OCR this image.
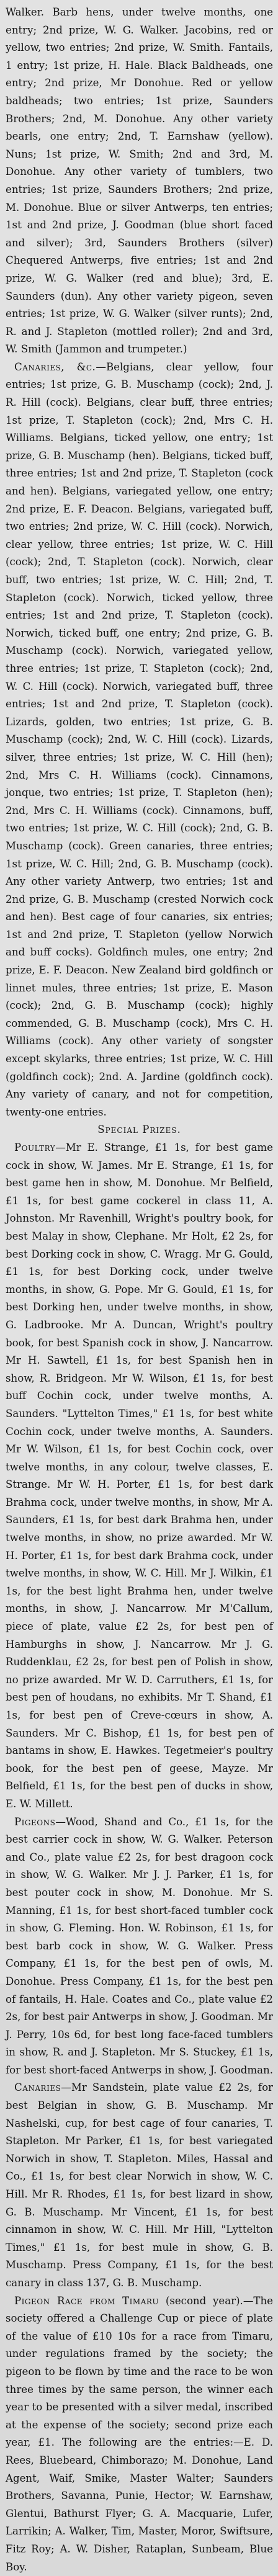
Walker. Barb hens, under twelve months, one entry; 2nd prize, W. G. Walker. Jacobins, red or yellow, two entries; 2nd prize, W. Smith. Fantails, 1 entry; 1st prize, H. Hale. Black Baldheads, one entry; 2nd prize, Mr Donohue. Red or yellow baldheads; two entries; 1st prize, Saunders Brothers; 2nd, M. Donohue. Any other variety bearls, one entry; 2nd, T. Earnshaw (yellow). Nuns; 1st prize, W. Smith; 2nd and 3rd, M. Donohue. Any other variety of tumblers, two entries; 1st prize, Saunders Brothers; 2nd prize, M. Donohue. Blue or silver Antwerps, ten entries; 1st and 2nd prize, J. Goodman (blue short faced and silver); 3rd, Saunders Brothers (silver) Chequered Antwerps, five entries; 1st and 2nd prize, W. G. Walker (red and blue); 3rd, E. Saunders (dun). Any other variety pigeon, seven entries; 1st prize, W. G. Walker (silver runts); 2nd, R. and J. Stapleton (mottled roller); 2nd and 3rd, W. Smith (Jammon and trumpeter.)

Canaries, &c.—Belgians, clear yellow, four entries; 1st prize, G. B. Muschamp (cock); 2nd, J. R. Hill (cock). Belgians, clear buff, three entries; 1st prize, T. Stapleton (cock); 2nd, Mrs C. H. Williams. Belgians, ticked yellow, one entry; 1st prize, G. B. Muschamp (hen). Belgians, ticked buff, three entries; 1st and 2nd prize, T. Stapleton (cock and hen). Belgians, variegated yellow, one entry; 2nd prize, E. F. Deacon. Belgians, variegated buff, two entries; 2nd prize, W. C. Hill (cock). Norwich, clear yellow, three entries; 1st prize, W. C. Hill (cock); 2nd, T. Stapleton (cock). Norwich, clear buff, two entries; 1st prize, W. C. Hill; 2nd, T. Stapleton (cock). Norwich, ticked yellow, three entries; 1st and 2nd prize, T. Stapleton (cock). Norwich, ticked buff, one entry; 2nd prize, G. B. Muschamp (cock). Norwich, variegated yellow, three entries; 1st prize, T. Stapleton (cock); 2nd, W. C. Hill (cock). Norwich, variegated buff, three entries; 1st and 2nd prize, T. Stapleton (cock). Lizards, golden, two entries; 1st prize, G. B. Muschamp (cock); 2nd, W. C. Hill (cock). Lizards, silver, three entries; 1st prize, W. C. Hill (hen); 2nd, Mrs C. H. Williams (cock). Cinnamons, jonque, two entries; 1st prize, T. Stapleton (hen); 2nd, Mrs C. H. Williams (cock). Cinnamons, buff, two entries; 1st prize, W. C. Hill (cock); 2nd, G. B. Muschamp (cock). Green canaries, three entries; 1st prize, W. C. Hill; 2nd, G. B. Muschamp (cock). Any other variety Antwerp, two entries; 1st and 2nd prize, G. B. Muschamp (crested Norwich cock and hen). Best cage of four canaries, six entries; 1st and 2nd prize, T. Stapleton (yellow Norwich and buff cocks). Goldfinch mules, one entry; 2nd prize, E. F. Deacon. New Zealand bird goldfinch or linnet mules, three entries; 1st prize, E. Mason (cock); 2nd, G. B. Muschamp (cock); highly commended, G. B. Muschamp (cock), Mrs C. H. Williams (cock). Any other variety of songster except skylarks, three entries; 1st prize, W. C. Hill (goldfinch cock); 2nd. A. Jardine (goldfinch cock). Any variety of canary, and not for competition, twenty-one entries.

Special Prizes.

Poultry—Mr E. Strange, £1 1s, for best game cock in show, W. James. Mr E. Strange, £1 1s, for best game hen in show, M. Donohue. Mr Belfield, £1 1s, for best game cockerel in class 11, A. Johnston. Mr Ravenhill, Wright's poultry book, for best Malay in show, Clephane. Mr Holt, £2 2s, for best Dorking cock in show, C. Wragg. Mr G. Gould, £1 1s, for best Dorking cock, under twelve months, in show, G. Pope. Mr G. Gould, £1 1s, for best Dorking hen, under twelve months, in show, G. Ladbrooke. Mr A. Duncan, Wright's poultry book, for best Spanish cock in show, J. Nancarrow. Mr H. Sawtell, £1 1s, for best Spanish hen in show, R. Bridgeon. Mr W. Wilson, £1 1s, for best buff Cochin cock, under twelve months, A. Saunders. "Lyttelton Times," £1 1s, for best white Cochin cock, under twelve months, A. Saunders. Mr W. Wilson, £1 1s, for best Cochin cock, over twelve months, in any colour, twelve classes, E. Strange. Mr W. H. Porter, £1 1s, for best dark Brahma cock, under twelve months, in show, Mr A. Saunders, £1 1s, for best dark Brahma hen, under twelve months, in show, no prize awarded. Mr W. H. Porter, £1 1s, for best dark Brahma cock, under twelve months, in show, W. C. Hill. Mr J. Wilkin, £1 1s, for the best light Brahma hen, under twelve months, in show, J. Nancarrow. Mr M'Callum, piece of plate, value £2 2s, for best pen of Hamburghs in show, J. Nancarrow. Mr J. G. Ruddenklau, £2 2s, for best pen of Polish in show, no prize awarded. Mr W. D. Carruthers, £1 1s, for best pen of houdans, no exhibits. Mr T. Shand, £1 1s, for best pen of Creve-cœurs in show, A. Saunders. Mr C. Bishop, £1 1s, for best pen of bantams in show, E. Hawkes. Tegetmeier's poultry book, for the best pen of geese, Mayze. Mr Belfield, £1 1s, for the best pen of ducks in show, E. W. Millett.

Pigeons—Wood, Shand and Co., £1 1s, for the best carrier cock in show, W. G. Walker. Peterson and Co., plate value £2 2s, for best dragoon cock in show, W. G. Walker. Mr J. J. Parker, £1 1s, for best pouter cock in show, M. Donohue. Mr S. Manning, £1 1s, for best short-faced tumbler cock in show, G. Fleming. Hon. W. Robinson, £1 1s, for best barb cock in show, W. G. Walker. Press Company, £1 1s, for the best pen of owls, M. Donohue. Press Company, £1 1s, for the best pen of fantails, H. Hale. Coates and Co., plate value £2 2s, for best pair Antwerps in show, J. Goodman. Mr J. Perry, 10s 6d, for best long face-faced tumblers in show, R. and J. Stapleton. Mr S. Stuckey, £1 1s, for best short-faced Antwerps in show, J. Goodman.

Canaries—Mr Sandstein, plate value £2 2s, for best Belgian in show, G. B. Muschamp. Mr Nashelski, cup, for best cage of four canaries, T. Stapleton. Mr Parker, £1 1s, for best variegated Norwich in show, T. Stapleton. Miles, Hassal and Co., £1 1s, for best clear Norwich in show, W. C. Hill. Mr R. Rhodes, £1 1s, for best lizard in show, G. B. Muschamp. Mr Vincent, £1 1s, for best cinnamon in show, W. C. Hill. Mr Hill, "Lyttelton Times," £1 1s, for best mule in show, G. B. Muschamp. Press Company, £1 1s, for the best canary in class 137, G. B. Muschamp.

Pigeon Race from Timaru (second year).—The society offered a Challenge Cup or piece of plate of the value of £10 10s for a race from Timaru, under regulations framed by the society; the pigeon to be flown by time and the race to be won three times by the same person, the winner each year to be presented with a silver medal, inscribed at the expense of the society; second prize each year, £1. The following are the entries:—E. D. Rees, Bluebeard, Chimborazo; M. Donohue, Land Agent, Waif, Smike, Master Walter; Saunders Brothers, Savanna, Punie, Hector; W. Earnshaw, Glentui, Bathurst Flyer; G. A. Macquarie, Lufer, Larrikin; A. Walker, Tim, Master, Moror, Swiftsure, Fitz Roy; A. W. Disher, Rataplan, Sunbeam, Blue Boy.
